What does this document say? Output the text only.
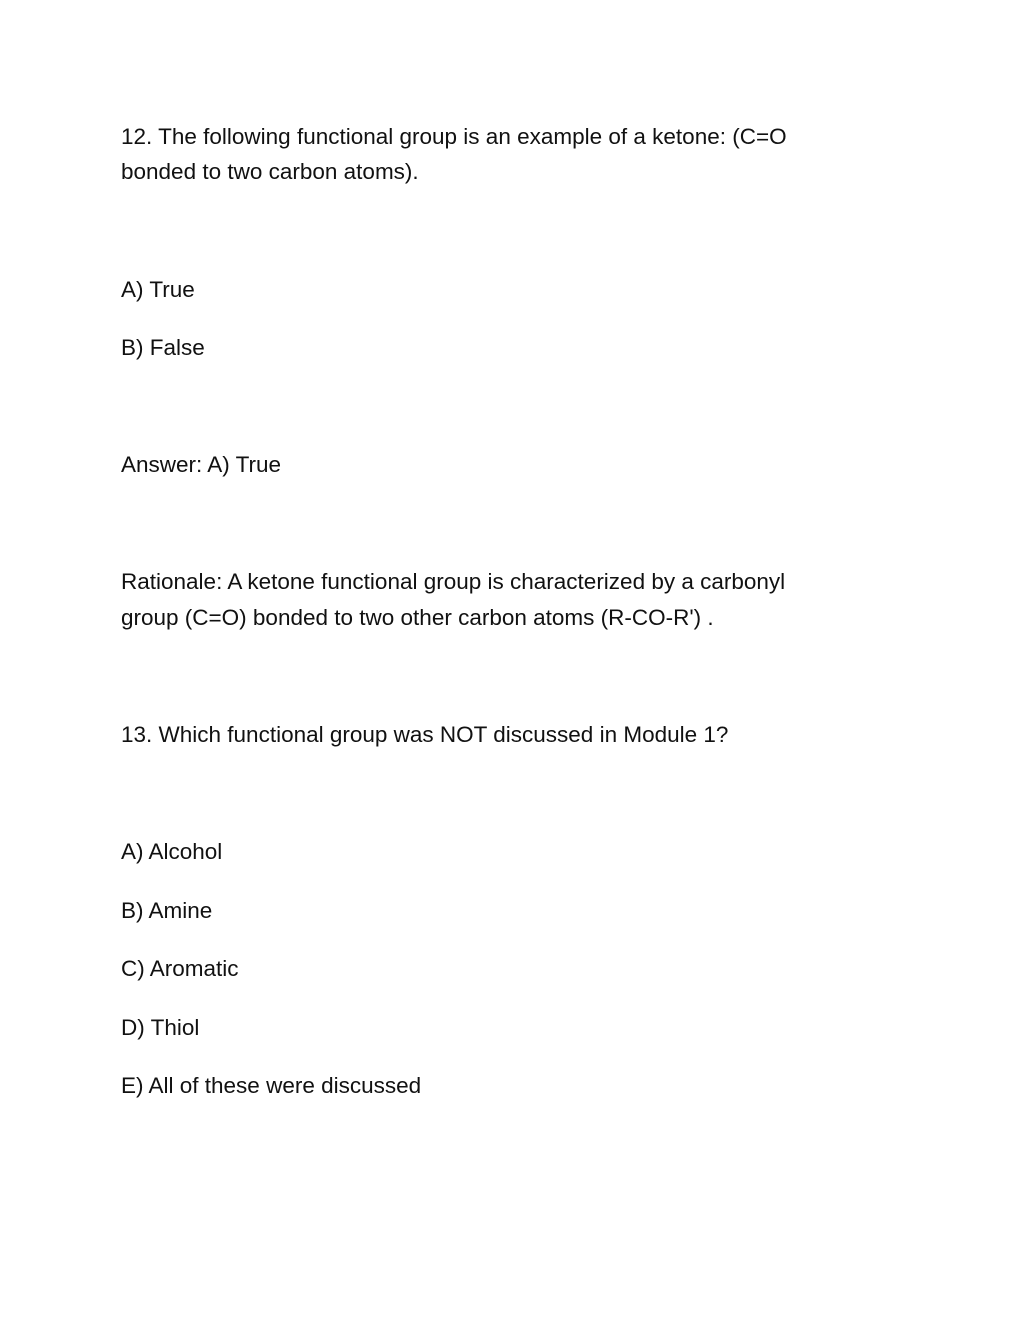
12. The following functional group is an example of a ketone: (C=O

bonded to two carbon atoms).

A) True

B) False

Answer: A) True

Rationale: A ketone functional group is characterized by a carbonyl

group (C=O) bonded to two other carbon atoms (R-CO-R') .

13. Which functional group was NOT discussed in Module 1?

A) Alcohol

B) Amine

C) Aromatic

D) Thiol

E) All of these were discussed
